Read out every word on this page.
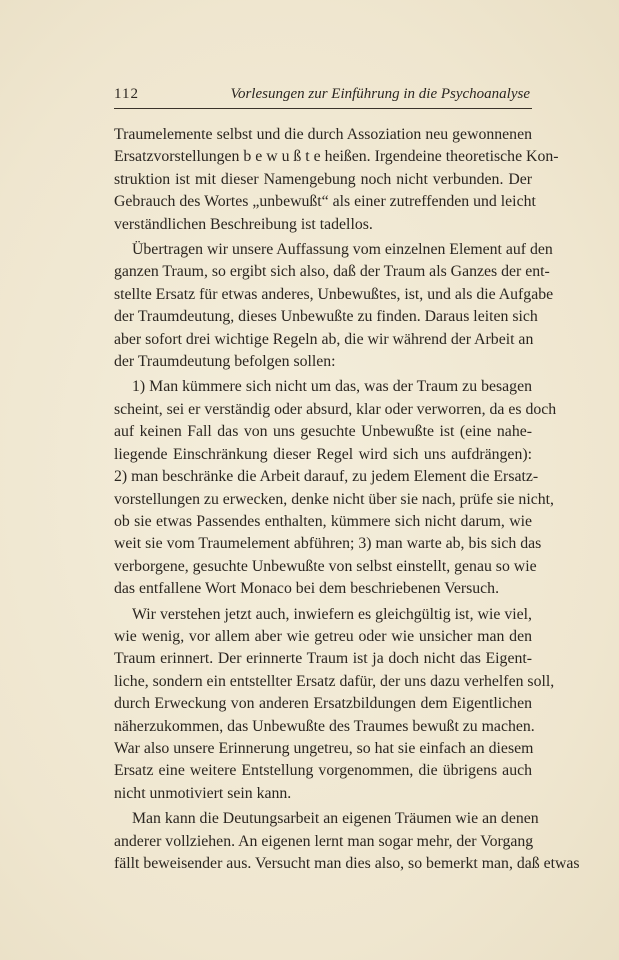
112	Vorlesungen zur Einführung in die Psychoanalyse

Traumelemente selbst und die durch Assoziation neu gewonnenen
Ersatzvorstellungen b e w u ß t e heißen. Irgendeine theoretische Kon-
struktion ist mit dieser Namengebung noch nicht verbunden. Der
Gebrauch des Wortes „unbewußt“ als einer zutreffenden und leicht
verständlichen Beschreibung ist tadellos.

Übertragen wir unsere Auffassung vom einzelnen Element auf den
ganzen Traum, so ergibt sich also, daß der Traum als Ganzes der ent-
stellte Ersatz für etwas anderes, Unbewußtes, ist, und als die Aufgabe
der Traumdeutung, dieses Unbewußte zu finden. Daraus leiten sich
aber sofort drei wichtige Regeln ab, die wir während der Arbeit an
der Traumdeutung befolgen sollen:

1) Man kümmere sich nicht um das, was der Traum zu besagen
scheint, sei er verständig oder absurd, klar oder verworren, da es doch
auf keinen Fall das von uns gesuchte Unbewußte ist (eine nahe-
liegende Einschränkung dieser Regel wird sich uns aufdrängen):
2) man beschränke die Arbeit darauf, zu jedem Element die Ersatz-
vorstellungen zu erwecken, denke nicht über sie nach, prüfe sie nicht,
ob sie etwas Passendes enthalten, kümmere sich nicht darum, wie
weit sie vom Traumelement abführen; 3) man warte ab, bis sich das
verborgene, gesuchte Unbewußte von selbst einstellt, genau so wie
das entfallene Wort Monaco bei dem beschriebenen Versuch.

Wir verstehen jetzt auch, inwiefern es gleichgültig ist, wie viel,
wie wenig, vor allem aber wie getreu oder wie unsicher man den
Traum erinnert. Der erinnerte Traum ist ja doch nicht das Eigent-
liche, sondern ein entstellter Ersatz dafür, der uns dazu verhelfen soll,
durch Erweckung von anderen Ersatzbildungen dem Eigentlichen
näherzukommen, das Unbewußte des Traumes bewußt zu machen.
War also unsere Erinnerung ungetreu, so hat sie einfach an diesem
Ersatz eine weitere Entstellung vorgenommen, die übrigens auch
nicht unmotiviert sein kann.

Man kann die Deutungsarbeit an eigenen Träumen wie an denen
anderer vollziehen. An eigenen lernt man sogar mehr, der Vorgang
fällt beweisender aus. Versucht man dies also, so bemerkt man, daß etwas
